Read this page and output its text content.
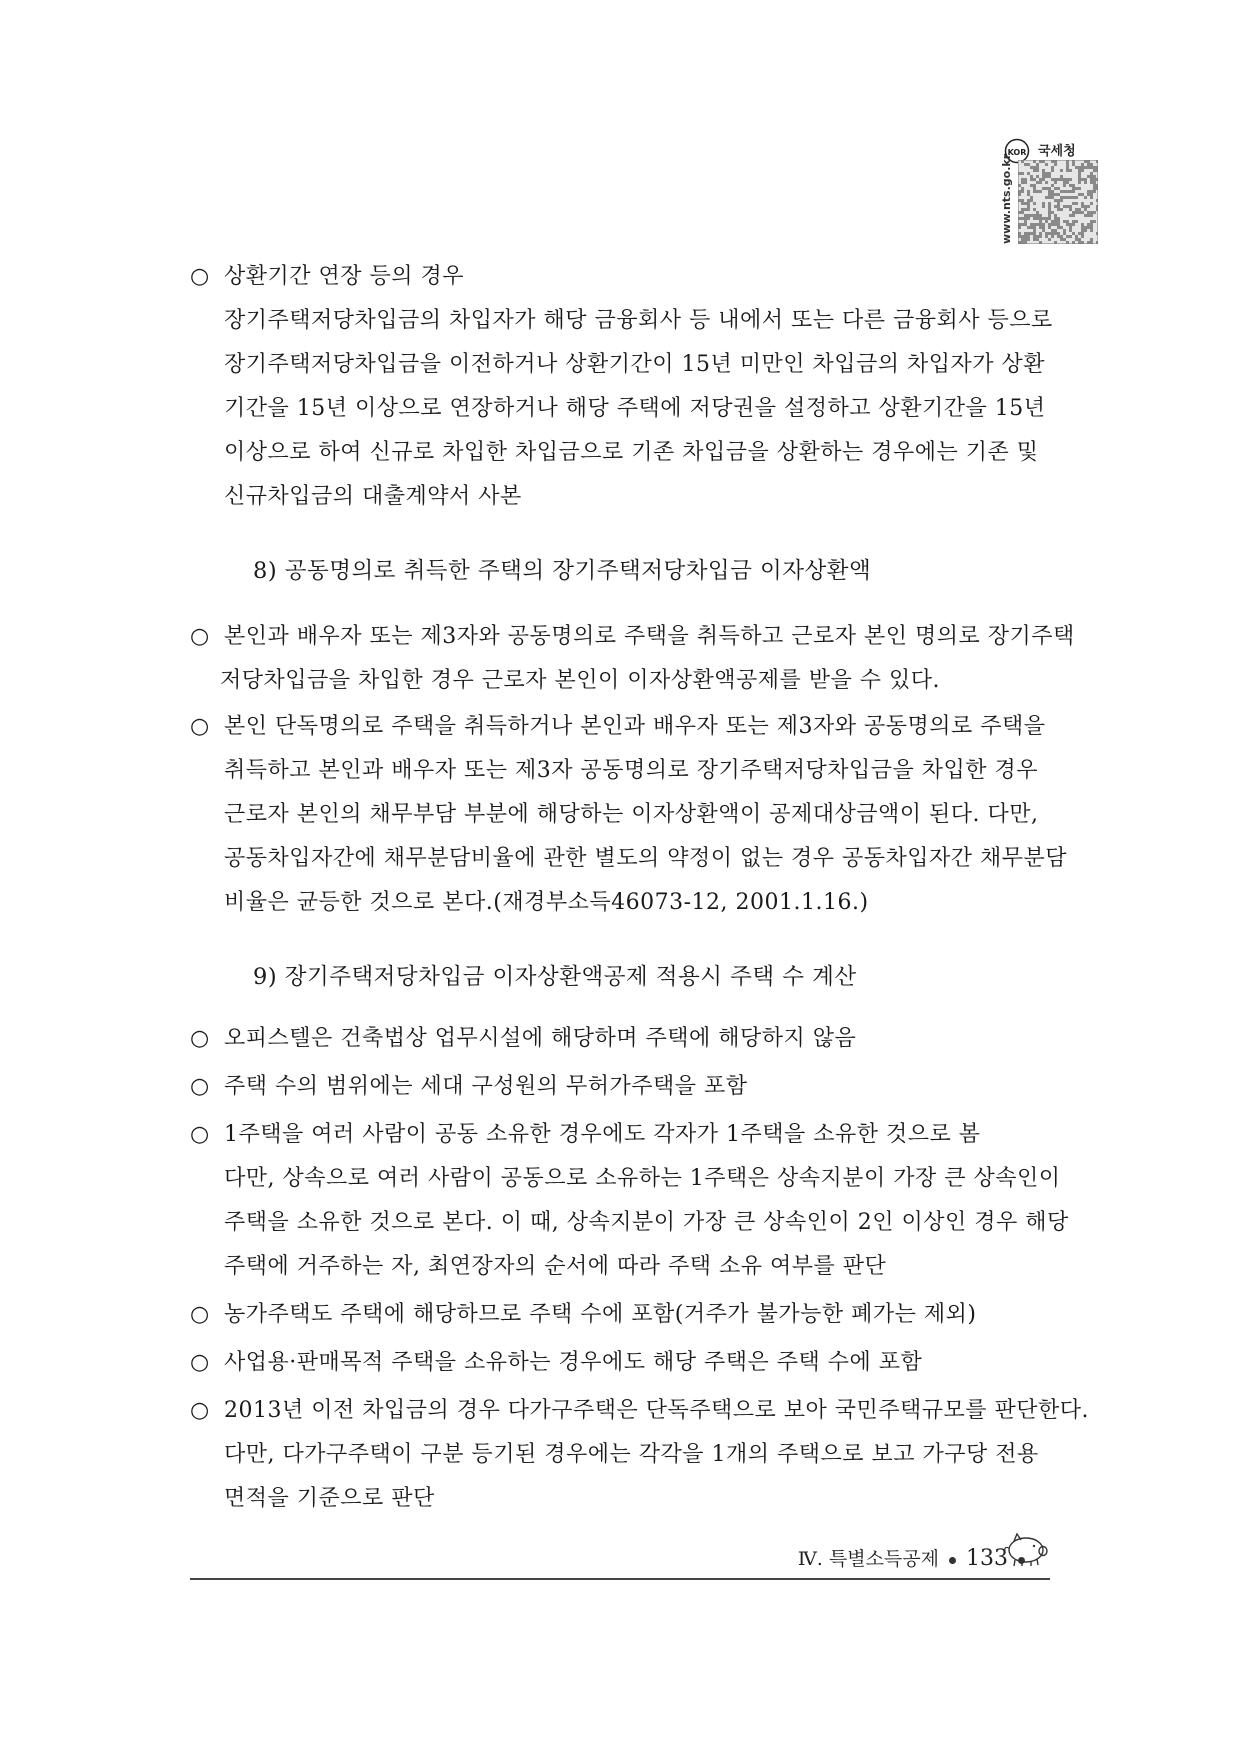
KOR 국세청
www.nts.go.kr
○ 상환기간 연장 등의 경우
장기주택저당차입금의 차입자가 해당 금융회사 등 내에서 또는 다른 금융회사 등으로
장기주택저당차입금을 이전하거나 상환기간이 15년 미만인 차입금의 차입자가 상환
기간을 15년 이상으로 연장하거나 해당 주택에 저당권을 설정하고 상환기간을 15년
이상으로 하여 신규로 차입한 차입금으로 기존 차입금을 상환하는 경우에는 기존 및
신규차입금의 대출계약서 사본
8) 공동명의로 취득한 주택의 장기주택저당차입금 이자상환액
○ 본인과 배우자 또는 제3자와 공동명의로 주택을 취득하고 근로자 본인 명의로 장기주택
저당차입금을 차입한 경우 근로자 본인이 이자상환액공제를 받을 수 있다.
○ 본인 단독명의로 주택을 취득하거나 본인과 배우자 또는 제3자와 공동명의로 주택을
취득하고 본인과 배우자 또는 제3자 공동명의로 장기주택저당차입금을 차입한 경우
근로자 본인의 채무부담 부분에 해당하는 이자상환액이 공제대상금액이 된다. 다만,
공동차입자간에 채무분담비율에 관한 별도의 약정이 없는 경우 공동차입자간 채무분담
비율은 균등한 것으로 본다.(재경부소득46073-12, 2001.1.16.)
9) 장기주택저당차입금 이자상환액공제 적용시 주택 수 계산
○ 오피스텔은 건축법상 업무시설에 해당하며 주택에 해당하지 않음
○ 주택 수의 범위에는 세대 구성원의 무허가주택을 포함
○ 1주택을 여러 사람이 공동 소유한 경우에도 각자가 1주택을 소유한 것으로 봄
다만, 상속으로 여러 사람이 공동으로 소유하는 1주택은 상속지분이 가장 큰 상속인이
주택을 소유한 것으로 본다. 이 때, 상속지분이 가장 큰 상속인이 2인 이상인 경우 해당
주택에 거주하는 자, 최연장자의 순서에 따라 주택 소유 여부를 판단
○ 농가주택도 주택에 해당하므로 주택 수에 포함(거주가 불가능한 폐가는 제외)
○ 사업용·판매목적 주택을 소유하는 경우에도 해당 주택은 주택 수에 포함
○ 2013년 이전 차입금의 경우 다가구주택은 단독주택으로 보아 국민주택규모를 판단한다.
다만, 다가구주택이 구분 등기된 경우에는 각각을 1개의 주택으로 보고 가구당 전용
면적을 기준으로 판단
Ⅳ. 특별소득공제 133
